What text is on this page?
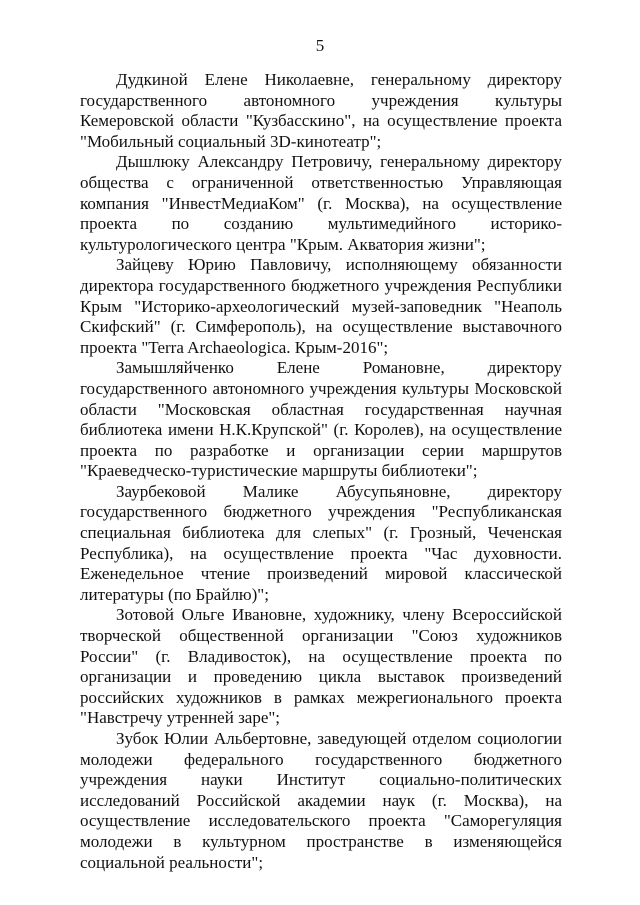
5

Дудкиной Елене Николаевне, генеральному директору государственного автономного учреждения культуры Кемеровской области "Кузбасскино", на осуществление проекта "Мобильный социальный 3D-кинотеатр";

Дышлюку Александру Петровичу, генеральному директору общества с ограниченной ответственностью Управляющая компания "ИнвестМедиаКом" (г. Москва), на осуществление проекта по созданию мультимедийного историко-культурологического центра "Крым. Акватория жизни";

Зайцеву Юрию Павловичу, исполняющему обязанности директора государственного бюджетного учреждения Республики Крым "Историко-археологический музей-заповедник "Неаполь Скифский" (г. Симферополь), на осуществление выставочного проекта "Terra Archaeologica. Крым-2016";

Замышляйченко Елене Романовне, директору государственного автономного учреждения культуры Московской области "Московская областная государственная научная библиотека имени Н.К.Крупской" (г. Королев), на осуществление проекта по разработке и организации серии маршрутов "Краеведческо-туристические маршруты библиотеки";

Заурбековой Малике Абусупьяновне, директору государственного бюджетного учреждения "Республиканская специальная библиотека для слепых" (г. Грозный, Чеченская Республика), на осуществление проекта "Час духовности. Еженедельное чтение произведений мировой классической литературы (по Брайлю)";

Зотовой Ольге Ивановне, художнику, члену Всероссийской творческой общественной организации "Союз художников России" (г. Владивосток), на осуществление проекта по организации и проведению цикла выставок произведений российских художников в рамках межрегионального проекта "Навстречу утренней заре";

Зубок Юлии Альбертовне, заведующей отделом социологии молодежи федерального государственного бюджетного учреждения науки Институт социально-политических исследований Российской академии наук (г. Москва), на осуществление исследовательского проекта "Саморегуляция молодежи в культурном пространстве в изменяющейся социальной реальности";
